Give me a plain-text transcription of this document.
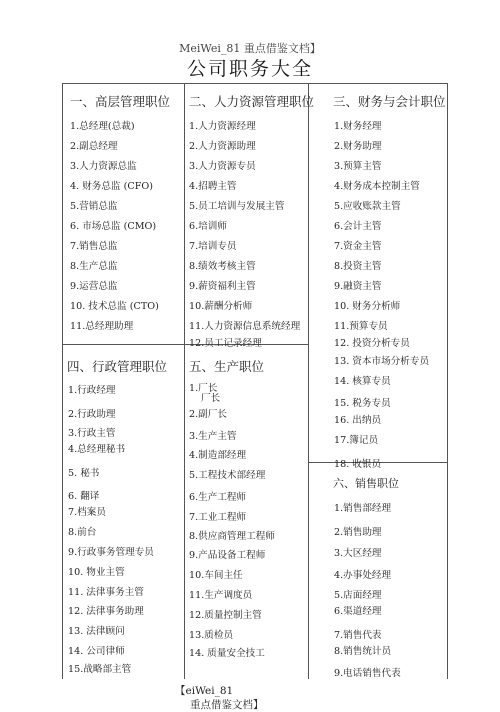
MeiWei_81 重点借鉴文档】
公司职务大全
一、高层管理职位
1.总经理(总裁)
2.副总经理
3.人力资源总监
4. 财务总监 (CFO)
5.营销总监
6. 市场总监 (CMO)
7.销售总监
8.生产总监
9.运营总监
10. 技术总监 (CTO)
11.总经理助理
二、人力资源管理职位
1.人力资源经理
2.人力资源助理
3.人力资源专员
4.招聘主管
5.员工培训与发展主管
6.培训师
7.培训专员
8.绩效考核主管
9.薪资福利主管
10.薪酬分析师
11.人力资源信息系统经理
12.员工记录经理
三、财务与会计职位
1.财务经理
2.财务助理
3.预算主管
4.财务成本控制主管
5.应收账款主管
6.会计主管
7.资金主管
8.投资主管
9.融资主管
10. 财务分析师
11.预算专员
12. 投资分析专员
13. 资本市场分析专员
14. 核算专员
15. 税务专员
16. 出纳员
17.簿记员
18. 收银员
四、行政管理职位
1.行政经理
2.行政助理
3.行政主管
4.总经理秘书
5. 秘书
6. 翻译
7.档案员
8.前台
9.行政事务管理专员
10. 物业主管
11. 法律事务主管
12. 法律事务助理
13. 法律顾问
14. 公司律师
15.战略部主管
五、生产职位
1.厂长
厂长
2.副厂长
3.生产主管
4.制造部经理
5.工程技术部经理
6.生产工程师
7.工业工程师
8.供应商管理工程师
9.产品设备工程师
10.车间主任
11.生产调度员
12.质量控制主管
13.质检员
14. 质量安全技工
六、销售职位
1.销售部经理
2.销售助理
3.大区经理
4.办事处经理
5.店面经理
6.渠道经理
7.销售代表
8.销售统计员
9.电话销售代表
【eiWei_81
重点借鉴文档】
